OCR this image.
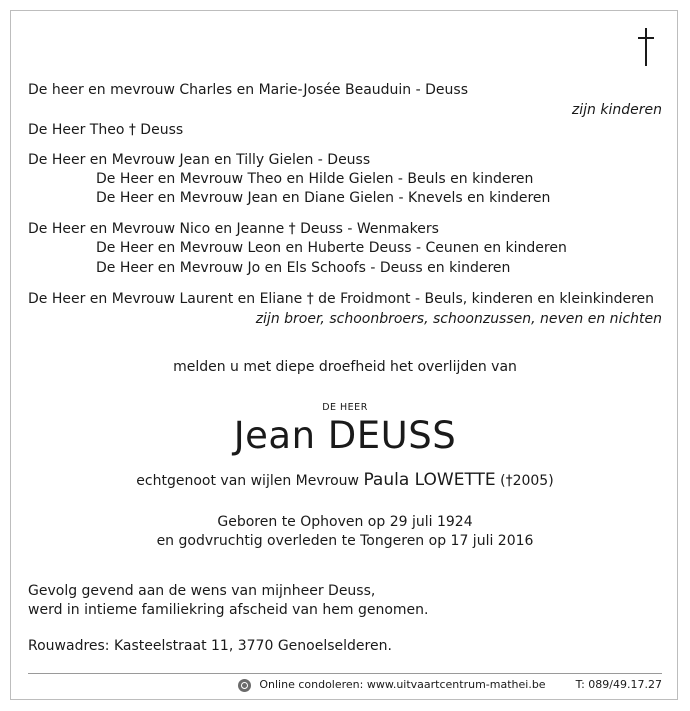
De heer en mevrouw Charles en Marie-Josée Beauduin - Deuss
zijn kinderen
De Heer Theo † Deuss
De Heer en Mevrouw Jean en Tilly Gielen - Deuss
De Heer en Mevrouw Theo en Hilde Gielen - Beuls en kinderen
De Heer en Mevrouw Jean en Diane Gielen - Knevels en kinderen
De Heer en Mevrouw Nico en Jeanne † Deuss - Wenmakers
De Heer en Mevrouw Leon en Huberte Deuss - Ceunen en kinderen
De Heer en Mevrouw Jo en Els Schoofs - Deuss en kinderen
De Heer en Mevrouw Laurent en Eliane † de Froidmont - Beuls, kinderen en kleinkinderen
zijn broer, schoonbroers, schoonzussen, neven en nichten
melden u met diepe droefheid het overlijden van
DE HEER
Jean DEUSS
echtgenoot van wijlen Mevrouw Paula LOWETTE (†2005)
Geboren te Ophoven op 29 juli 1924
en godvruchtig overleden te Tongeren op 17 juli 2016
Gevolg gevend aan de wens van mijnheer Deuss,
werd in intieme familiekring afscheid van hem genomen.
Rouwadres: Kasteelstraat 11, 3770 Genoelselderen.
Online condoleren: www.uitvaartcentrum-mathei.be	T: 089/49.17.27
